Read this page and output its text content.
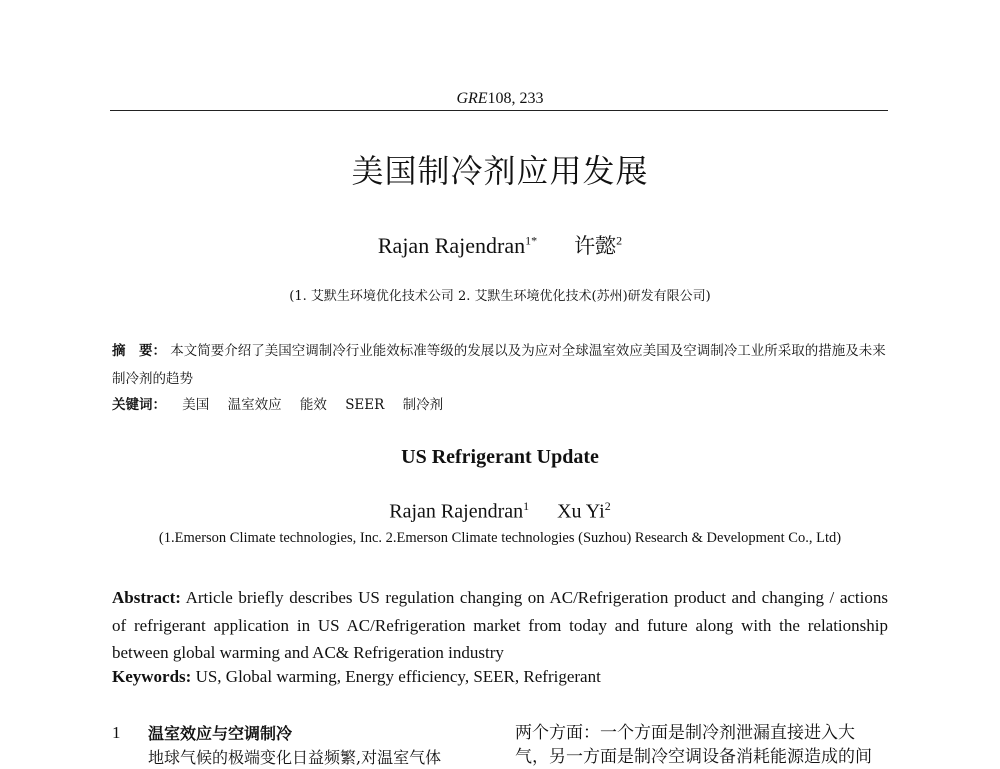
GRE108, 233
美国制冷剂应用发展
Rajan Rajendran$^{1*}$ 许懿$^2$
(1. 艾默生环境优化技术公司 2. 艾默生环境优化技术(苏州)研发有限公司)
摘　要： 本文简要介绍了美国空调制冷行业能效标准等级的发展以及为应对全球温室效应美国及空调制冷工业所采取的措施及未来制冷剂的趋势
关键词： 美国 温室效应 能效 SEER 制冷剂
US Refrigerant Update
Rajan Rajendran$^1$ Xu Yi$^2$
(1.Emerson Climate technologies, Inc. 2.Emerson Climate technologies (Suzhou) Research & Development Co., Ltd)
Abstract: Article briefly describes US regulation changing on AC/Refrigeration product and changing / actions of refrigerant application in US AC/Refrigeration market from today and future along with the relationship between global warming and AC& Refrigeration industry
Keywords: US, Global warming, Energy efficiency, SEER, Refrigerant
1 温室效应与空调制冷
地球气候的极端变化日益频繁,对温室气体
两个方面：一个方面是制冷剂泄漏直接进入大
气，另一方面是制冷空调设备消耗能源造成的间
